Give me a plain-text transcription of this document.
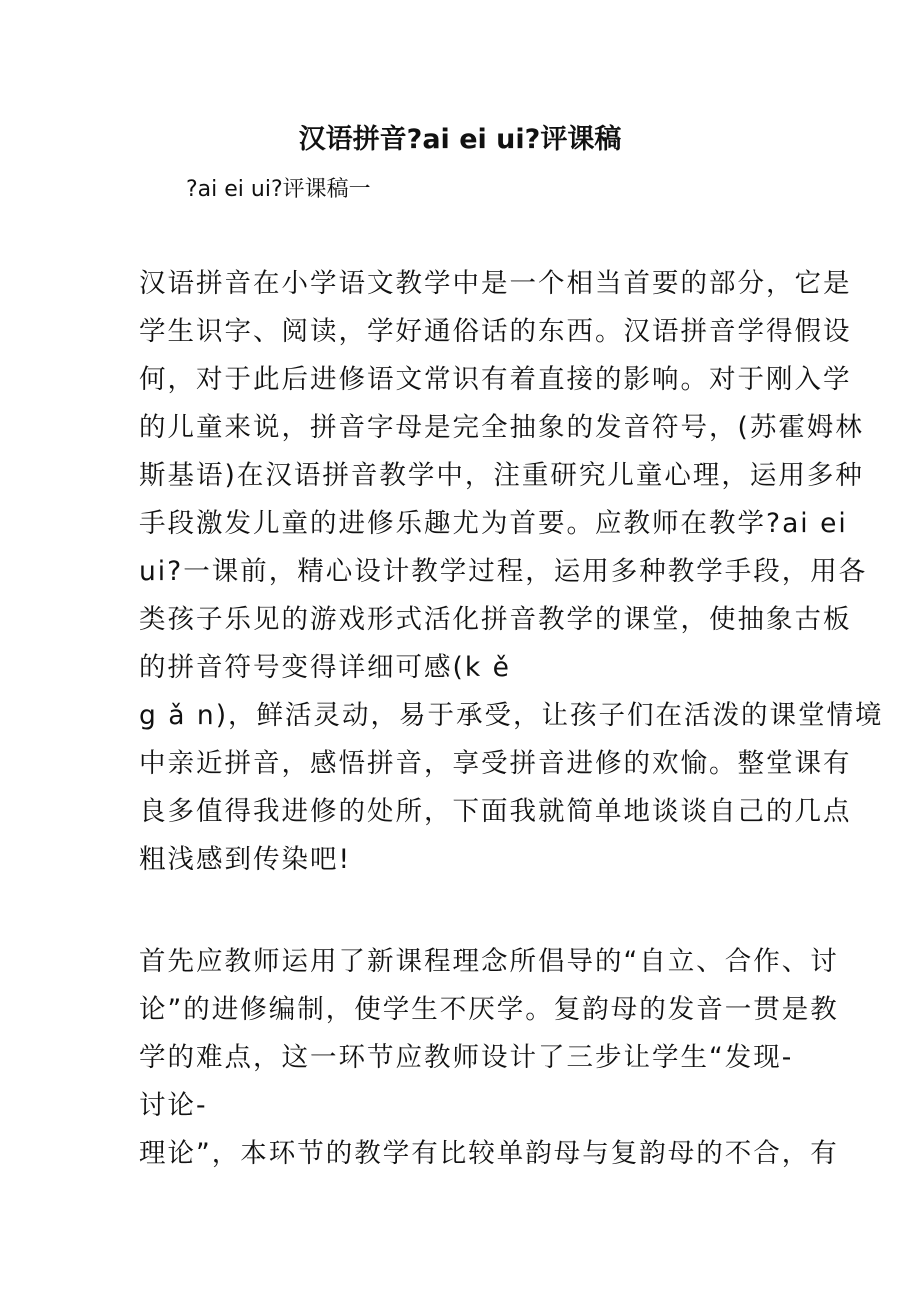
汉语拼音?ai ei ui?评课稿
?ai ei ui?评课稿一
汉语拼音在小学语文教学中是一个相当首要的部分，它是
学生识字、阅读，学好通俗话的东西。汉语拼音学得假设
何，对于此后进修语文常识有着直接的影响。对于刚入学
的儿童来说，拼音字母是完全抽象的发音符号，(苏霍姆林
斯基语)在汉语拼音教学中，注重研究儿童心理，运用多种
手段激发儿童的进修乐趣尤为首要。应教师在教学?ai ei
ui?一课前，精心设计教学过程，运用多种教学手段，用各
类孩子乐见的游戏形式活化拼音教学的课堂，使抽象古板
的拼音符号变得详细可感(k ě
g ǎ n)，鲜活灵动，易于承受，让孩子们在活泼的课堂情境
中亲近拼音，感悟拼音，享受拼音进修的欢愉。整堂课有
良多值得我进修的处所，下面我就简单地谈谈自己的几点
粗浅感到传染吧!
首先应教师运用了新课程理念所倡导的“自立、合作、讨
论”的进修编制，使学生不厌学。复韵母的发音一贯是教
学的难点，这一环节应教师设计了三步让学生“发现-
讨论-
理论”，本环节的教学有比较单韵母与复韵母的不合，有
